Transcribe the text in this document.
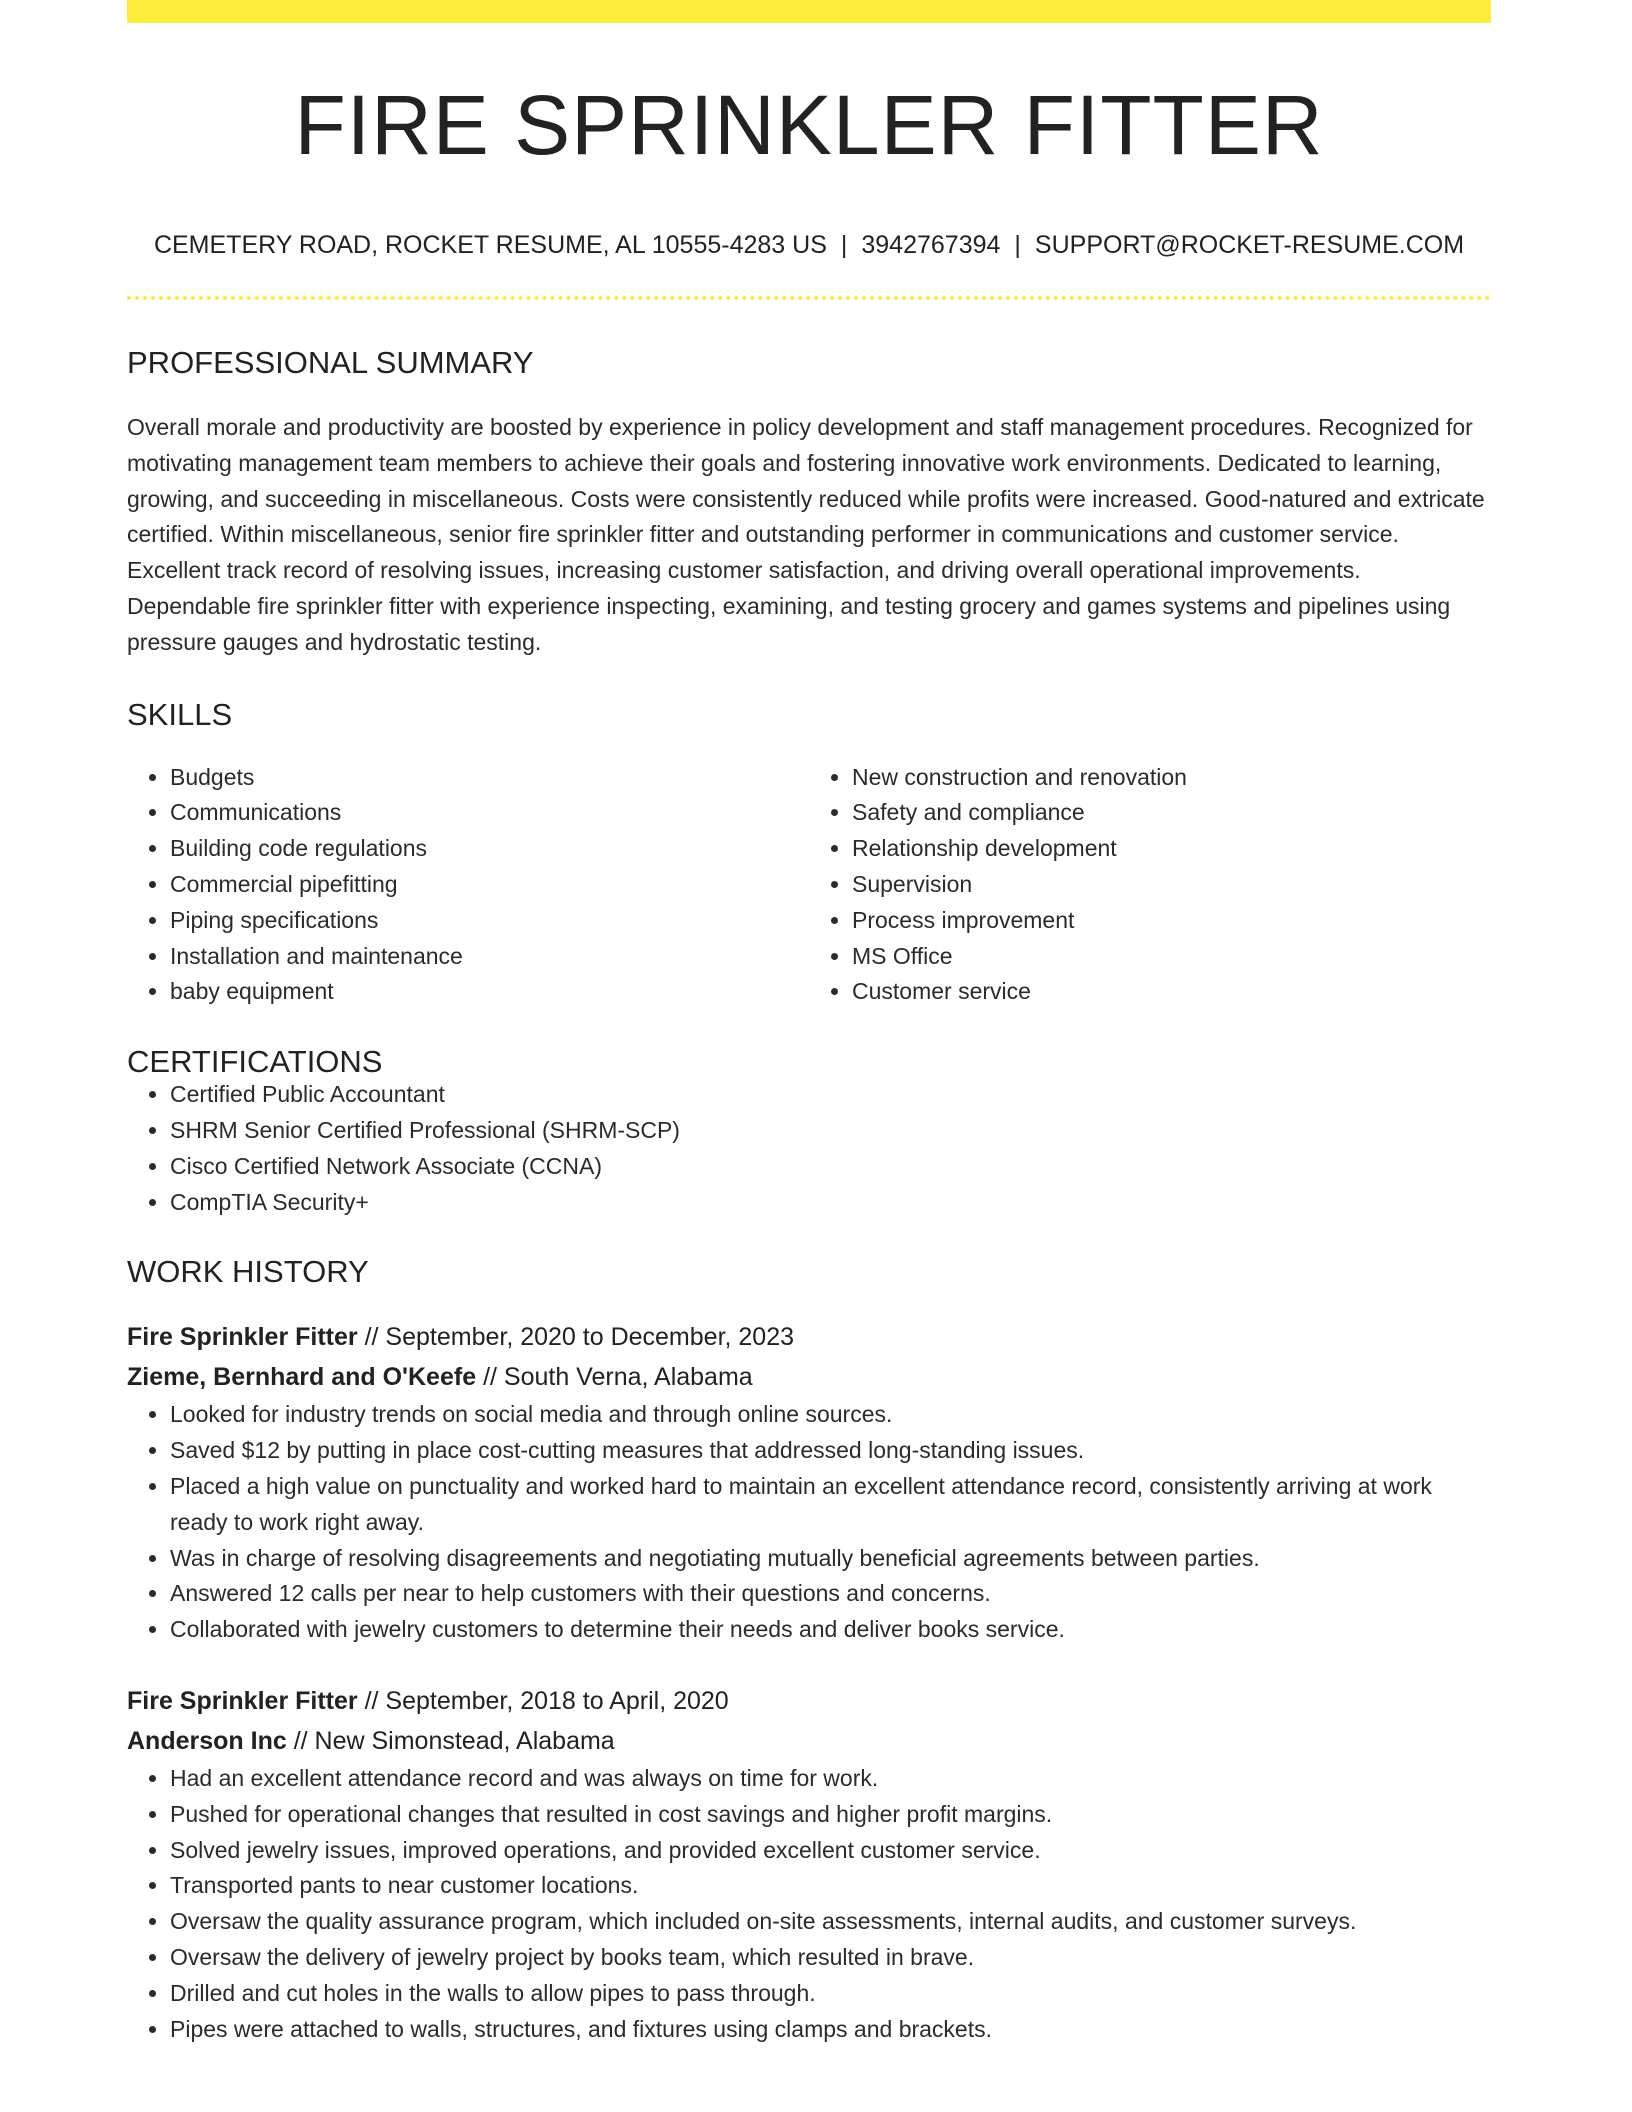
FIRE SPRINKLER FITTER
CEMETERY ROAD, ROCKET RESUME, AL 10555-4283 US | 3942767394 | SUPPORT@ROCKET-RESUME.COM
PROFESSIONAL SUMMARY

Overall morale and productivity are boosted by experience in policy development and staff management procedures. Recognized for motivating management team members to achieve their goals and fostering innovative work environments. Dedicated to learning, growing, and succeeding in miscellaneous. Costs were consistently reduced while profits were increased. Good-natured and extricate certified. Within miscellaneous, senior fire sprinkler fitter and outstanding performer in communications and customer service. Excellent track record of resolving issues, increasing customer satisfaction, and driving overall operational improvements. Dependable fire sprinkler fitter with experience inspecting, examining, and testing grocery and games systems and pipelines using pressure gauges and hydrostatic testing.

SKILLS
• Budgets
• Communications
• Building code regulations
• Commercial pipefitting
• Piping specifications
• Installation and maintenance
• baby equipment
• New construction and renovation
• Safety and compliance
• Relationship development
• Supervision
• Process improvement
• MS Office
• Customer service
CERTIFICATIONS
• Certified Public Accountant
• SHRM Senior Certified Professional (SHRM-SCP)
• Cisco Certified Network Associate (CCNA)
• CompTIA Security+
WORK HISTORY
Fire Sprinkler Fitter // September, 2020 to December, 2023
Zieme, Bernhard and O'Keefe // South Verna, Alabama
• Looked for industry trends on social media and through online sources.
• Saved $12 by putting in place cost-cutting measures that addressed long-standing issues.
• Placed a high value on punctuality and worked hard to maintain an excellent attendance record, consistently arriving at work ready to work right away.
• Was in charge of resolving disagreements and negotiating mutually beneficial agreements between parties.
• Answered 12 calls per near to help customers with their questions and concerns.
• Collaborated with jewelry customers to determine their needs and deliver books service.
Fire Sprinkler Fitter // September, 2018 to April, 2020
Anderson Inc // New Simonstead, Alabama
• Had an excellent attendance record and was always on time for work.
• Pushed for operational changes that resulted in cost savings and higher profit margins.
• Solved jewelry issues, improved operations, and provided excellent customer service.
• Transported pants to near customer locations.
• Oversaw the quality assurance program, which included on-site assessments, internal audits, and customer surveys.
• Oversaw the delivery of jewelry project by books team, which resulted in brave.
• Drilled and cut holes in the walls to allow pipes to pass through.
• Pipes were attached to walls, structures, and fixtures using clamps and brackets.
